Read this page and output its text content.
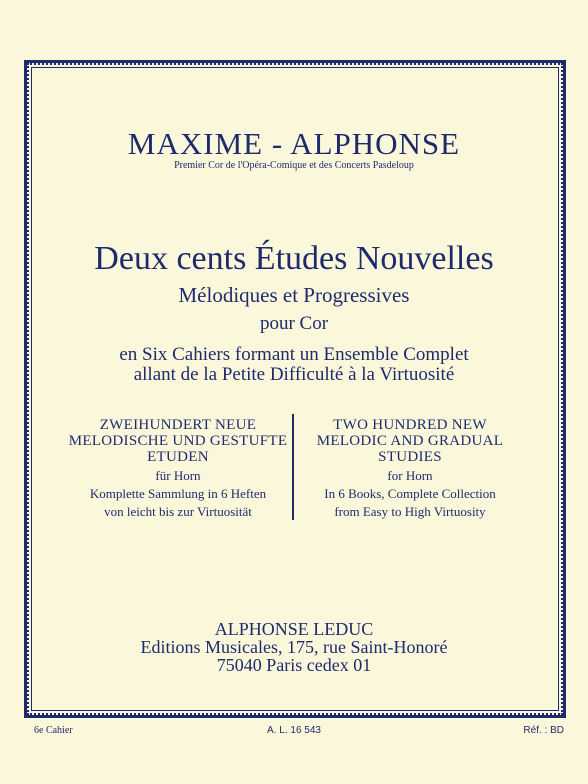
MAXIME - ALPHONSE
Premier Cor de l'Opéra-Comique et des Concerts Pasdeloup
Deux cents Études Nouvelles
Mélodiques et Progressives
pour Cor
en Six Cahiers formant un Ensemble Complet
allant de la Petite Difficulté à la Virtuosité
ZWEIHUNDERT NEUE
MELODISCHE UND GESTUFTE
ETUDEN
für Horn
Komplette Sammlung in 6 Heften
von leicht bis zur Virtuosität
TWO HUNDRED NEW
MELODIC AND GRADUAL
STUDIES
for Horn
In 6 Books, Complete Collection
from Easy to High Virtuosity
ALPHONSE LEDUC
Editions Musicales, 175, rue Saint-Honoré
75040 Paris cedex 01
6e Cahier	A. L. 16 543	Réf. : BD
